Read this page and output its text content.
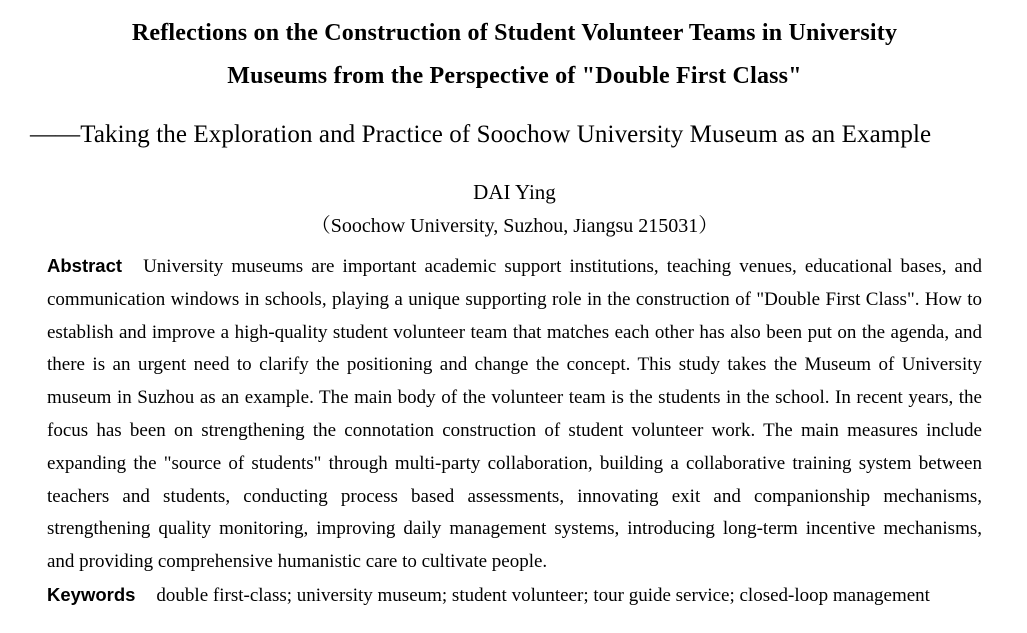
Reflections on the Construction of Student Volunteer Teams in University
Museums from the Perspective of "Double First Class"
——Taking the Exploration and Practice of Soochow University Museum as an Example
DAI Ying
（Soochow University, Suzhou, Jiangsu 215031）

Abstract University museums are important academic support institutions, teaching venues, educational bases, and communication windows in schools, playing a unique supporting role in the construction of "Double First Class". How to establish and improve a high-quality student volunteer team that matches each other has also been put on the agenda, and there is an urgent need to clarify the positioning and change the concept. This study takes the Museum of University museum in Suzhou as an example. The main body of the volunteer team is the students in the school. In recent years, the focus has been on strengthening the connotation construction of student volunteer work. The main measures include expanding the "source of students" through multi-party collaboration, building a collaborative training system between teachers and students, conducting process based assessments, innovating exit and companionship mechanisms, strengthening quality monitoring, improving daily management systems, introducing long-term incentive mechanisms, and providing comprehensive humanistic care to cultivate people.

Keywords double first-class; university museum; student volunteer; tour guide service; closed-loop management
